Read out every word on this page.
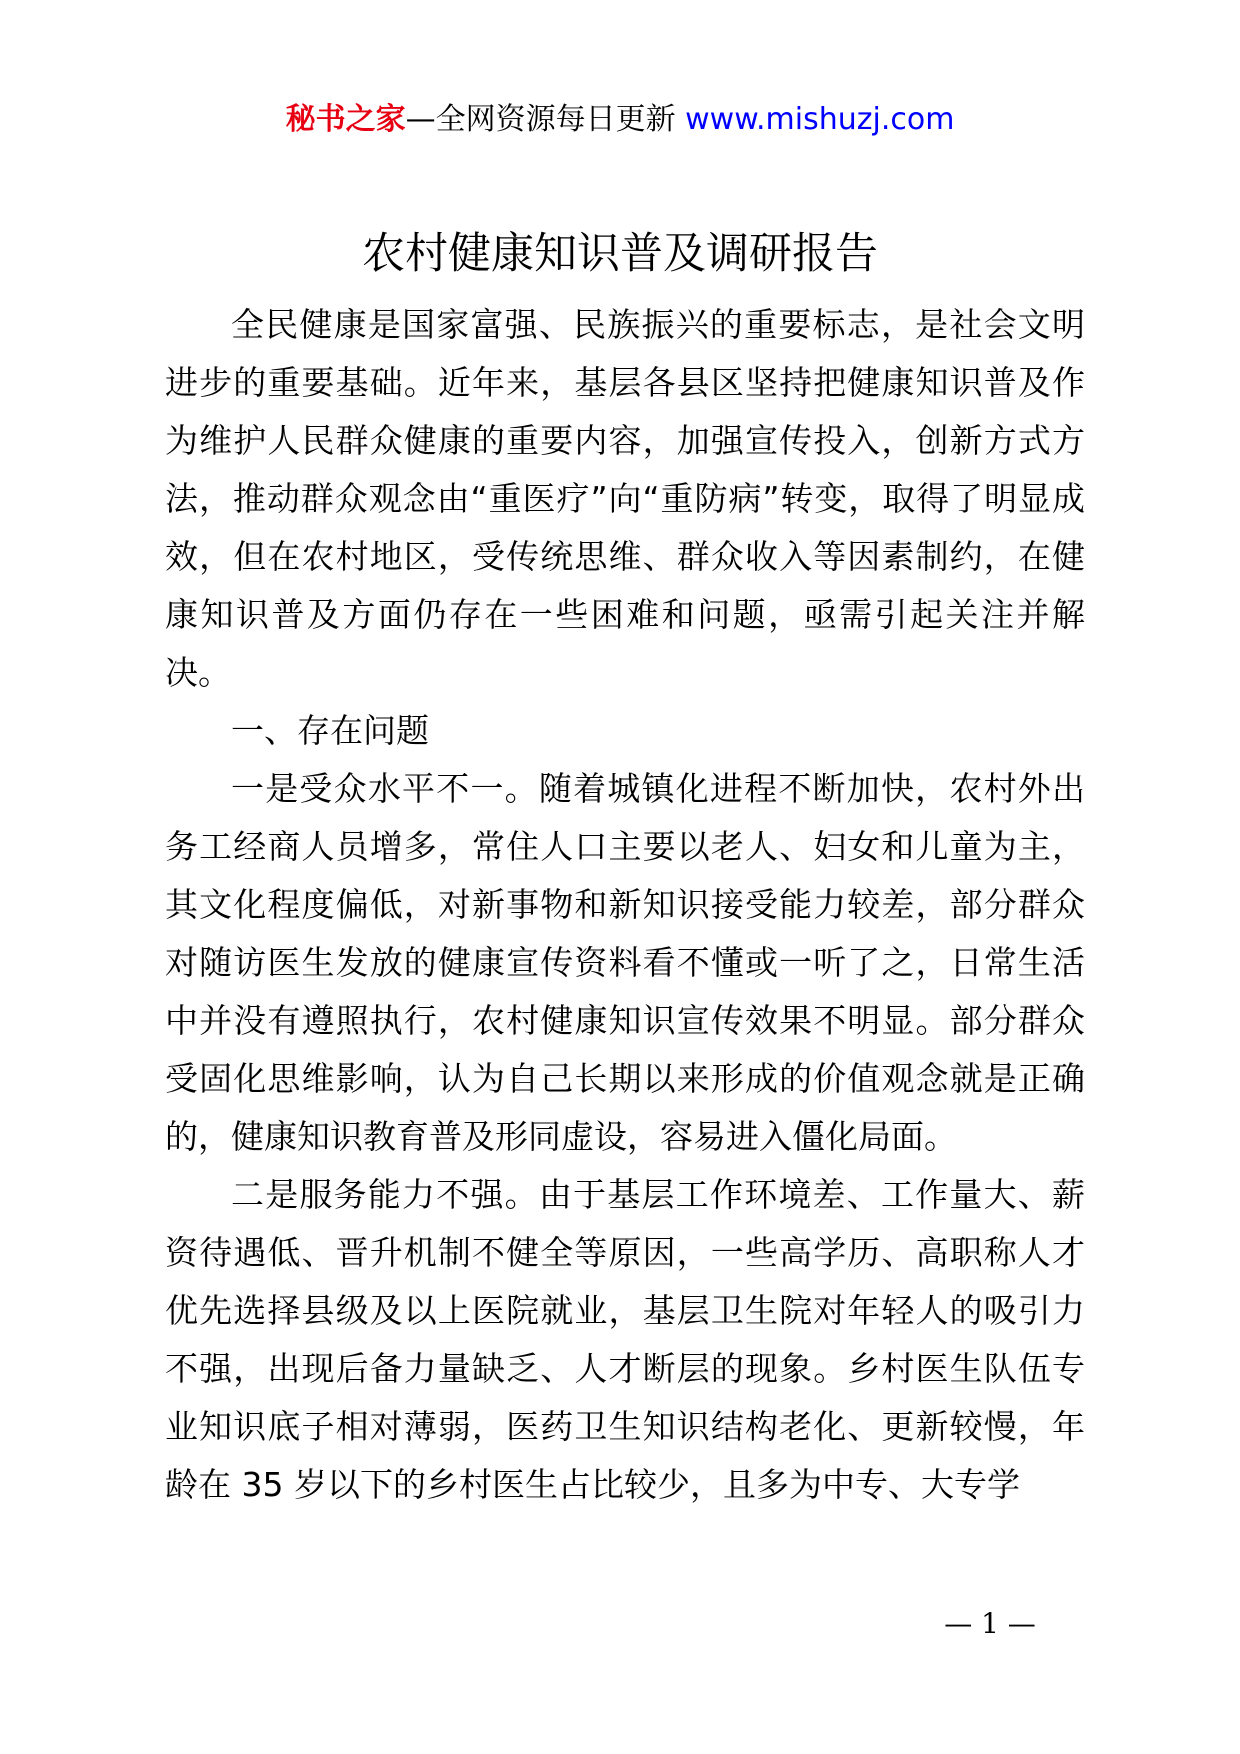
秘书之家—全网资源每日更新 www.mishuzj.com
农村健康知识普及调研报告

全民健康是国家富强、民族振兴的重要标志，是社会文明进步的重要基础。近年来，基层各县区坚持把健康知识普及作为维护人民群众健康的重要内容，加强宣传投入，创新方式方法，推动群众观念由“重医疗”向“重防病”转变，取得了明显成效，但在农村地区，受传统思维、群众收入等因素制约，在健康知识普及方面仍存在一些困难和问题，亟需引起关注并解决。

一、存在问题

一是受众水平不一。随着城镇化进程不断加快，农村外出务工经商人员增多，常住人口主要以老人、妇女和儿童为主，其文化程度偏低，对新事物和新知识接受能力较差，部分群众对随访医生发放的健康宣传资料看不懂或一听了之，日常生活中并没有遵照执行，农村健康知识宣传效果不明显。部分群众受固化思维影响，认为自己长期以来形成的价值观念就是正确的，健康知识教育普及形同虚设，容易进入僵化局面。

二是服务能力不强。由于基层工作环境差、工作量大、薪资待遇低、晋升机制不健全等原因，一些高学历、高职称人才优先选择县级及以上医院就业，基层卫生院对年轻人的吸引力不强，出现后备力量缺乏、人才断层的现象。乡村医生队伍专业知识底子相对薄弱，医药卫生知识结构老化、更新较慢，年龄在 35 岁以下的乡村医生占比较少，且多为中专、大专学

— 1 —
